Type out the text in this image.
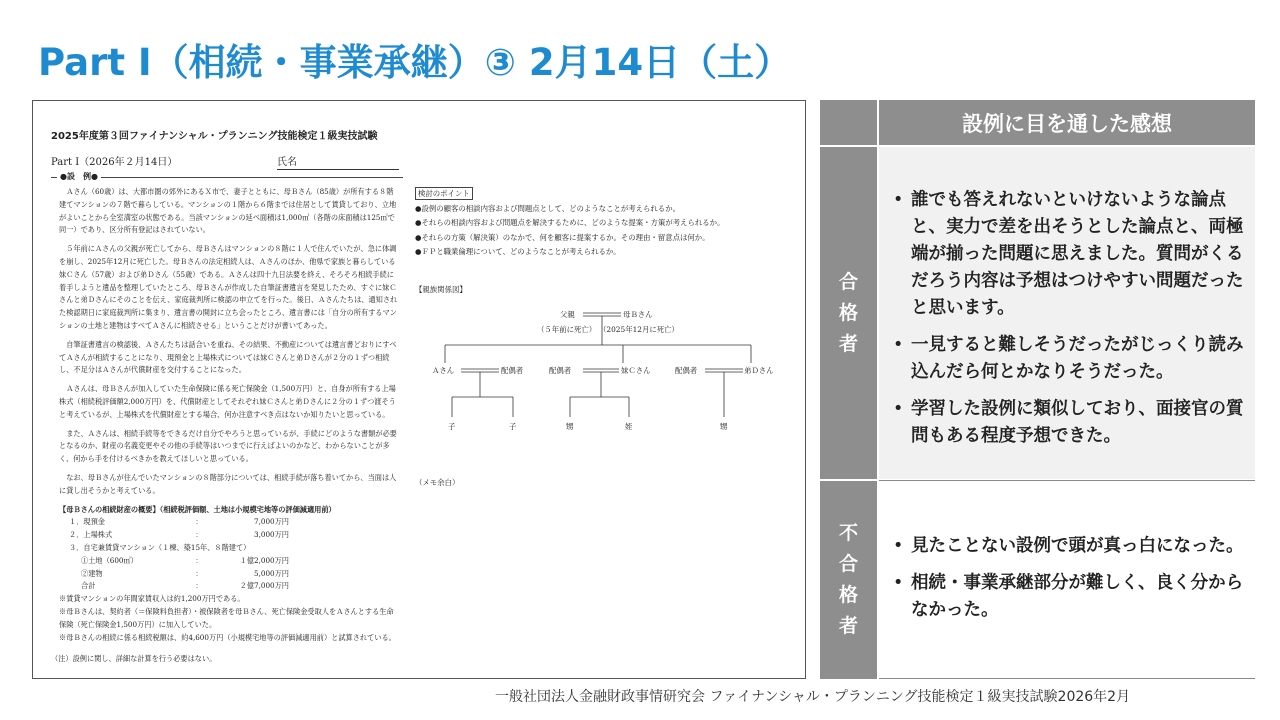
Part I（相続・事業承継）③ 2月14日（土）
2025年度第３回ファイナンシャル・プランニング技能検定１級実技試験
Part I（2026年２月14日）	氏名
●設　例●

Ａさん（60歳）は、大都市圏の郊外にあるＸ市で、妻子とともに、母Ｂさん（85歳）が所有する８階建てマンションの７階で暮らしている。マンションの１階から６階までは住居として賃貸しており、立地がよいことから全室満室の状態である。当該マンションの延べ面積は1,000㎡（各階の床面積は125㎡で同一）であり、区分所有登記はされていない。

５年前にＡさんの父親が死亡してから、母Ｂさんはマンションの８階に１人で住んでいたが、急に体調を崩し、2025年12月に死亡した。母Ｂさんの法定相続人は、Ａさんのほか、他県で家族と暮らしている妹Ｃさん（57歳）および弟Ｄさん（55歳）である。Ａさんは四十九日法要を終え、そろそろ相続手続に着手しようと遺品を整理していたところ、母Ｂさんが作成した自筆証書遺言を発見したため、すぐに妹Ｃさんと弟Ｄさんにそのことを伝え、家庭裁判所に検認の申立てを行った。後日、Ａさんたちは、通知された検認期日に家庭裁判所に集まり、遺言書の開封に立ち会ったところ、遺言書には「自分の所有するマンションの土地と建物はすべてＡさんに相続させる」ということだけが書いてあった。

自筆証書遺言の検認後、Ａさんたちは話合いを重ね、その結果、不動産については遺言書どおりにすべてＡさんが相続することになり、現預金と上場株式については妹Ｃさんと弟Ｄさんが２分の１ずつ相続し、不足分はＡさんが代償財産を交付することになった。

Ａさんは、母Ｂさんが加入していた生命保険に係る死亡保険金（1,500万円）と、自身が所有する上場株式（相続税評価額2,000万円）を、代償財産としてそれぞれ妹Ｃさんと弟Ｄさんに２分の１ずつ渡そうと考えているが、上場株式を代償財産とする場合、何か注意すべき点はないか知りたいと思っている。

また、Ａさんは、相続手続等をできるだけ自分でやろうと思っているが、手続にどのような書類が必要となるのか、財産の名義変更やその他の手続等はいつまでに行えばよいのかなど、わからないことが多く、何から手を付けるべきかを教えてほしいと思っている。

なお、母Ｂさんが住んでいたマンションの８階部分については、相続手続が落ち着いてから、当面は人に貸し出そうかと考えている。

【母Ｂさんの相続財産の概要】（相続税評価額、土地は小規模宅地等の評価減適用前）
１．現預金	：	7,000万円
２．上場株式	：	3,000万円
３．自宅兼賃貸マンション（１棟、築15年、８階建て）
①土地（600㎡）	：	１億2,000万円
②建物	：	5,000万円
合計	：	２億7,000万円
※賃貸マンションの年間家賃収入は約1,200万円である。
※母Ｂさんは、契約者（＝保険料負担者）・被保険者を母Ｂさん、死亡保険金受取人をＡさんとする生命保険（死亡保険金1,500万円）に加入していた。
※母Ｂさんの相続に係る相続税額は、約4,600万円（小規模宅地等の評価減適用前）と試算されている。
（注）設例に関し、詳細な計算を行う必要はない。
検討のポイント
●設例の顧客の相談内容および問題点として、どのようなことが考えられるか。
●それらの相談内容および問題点を解決するために、どのような提案・方策が考えられるか。
●それらの方策（解決策）のなかで、何を顧客に提案するか。その理由・留意点は何か。
●ＦＰと職業倫理について、どのようなことが考えられるか。
【親族関係図】
父親	母Ｂさん
（５年前に死亡） （2025年12月に死亡）
Ａさん	配偶者	配偶者	妹Ｃさん	配偶者	弟Ｄさん
子	子	甥	姪	甥
（メモ余白）
設例に目を通した感想
合
格
者
• 誰でも答えれないといけないような論点と、実力で差を出そうとした論点と、両極端が揃った問題に思えました。質問がくるだろう内容は予想はつけやすい問題だったと思います。
• 一見すると難しそうだったがじっくり読み込んだら何とかなりそうだった。
• 学習した設例に類似しており、面接官の質問もある程度予想できた。
不
合
格
者
• 見たことない設例で頭が真っ白になった。
• 相続・事業承継部分が難しく、良く分からなかった。
一般社団法人金融財政事情研究会 ファイナンシャル・プランニング技能検定１級実技試験2026年2月
